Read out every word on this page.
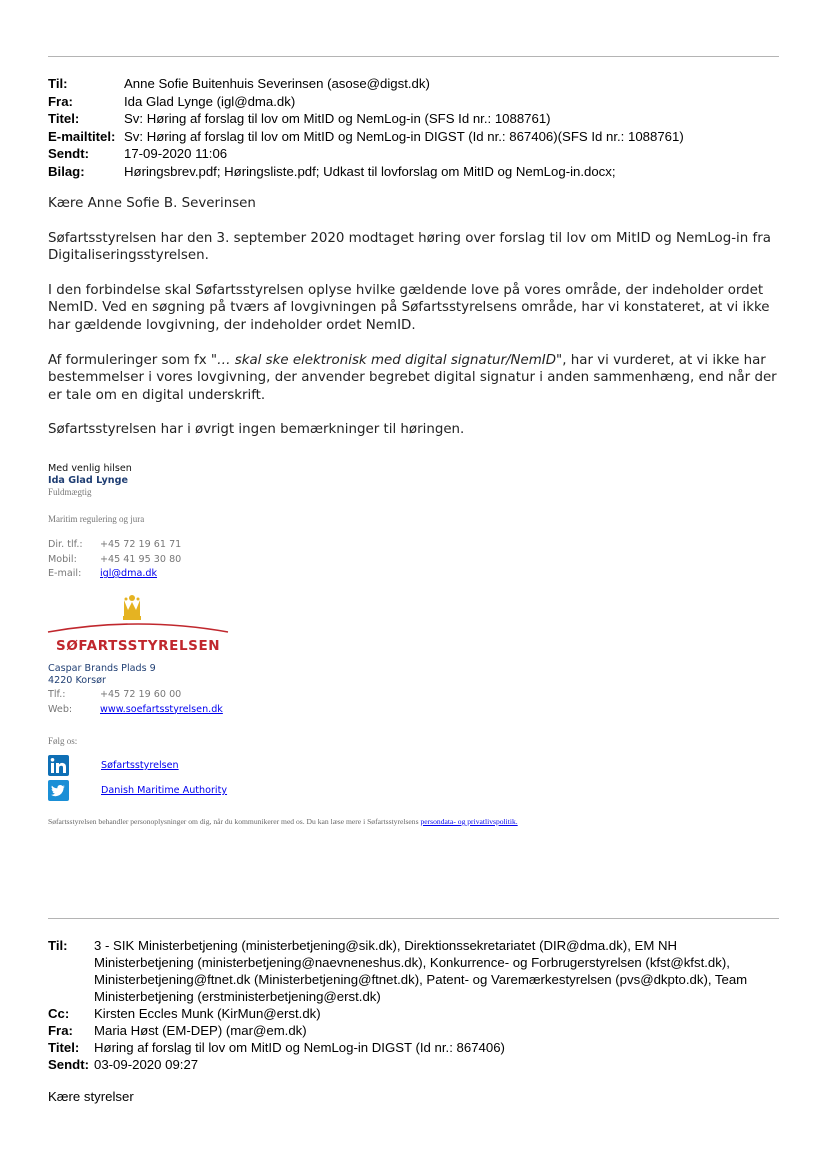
Til:	Anne Sofie Buitenhuis Severinsen (asose@digst.dk)
Fra:	Ida Glad Lynge (igl@dma.dk)
Titel:	Sv: Høring af forslag til lov om MitID og NemLog-in (SFS Id nr.: 1088761)
E-mailtitel: Sv: Høring af forslag til lov om MitID og NemLog-in DIGST (Id nr.: 867406)(SFS Id nr.: 1088761)
Sendt:	17-09-2020 11:06
Bilag:	Høringsbrev.pdf; Høringsliste.pdf; Udkast til lovforslag om MitID og NemLog-in.docx;

Kære Anne Sofie B. Severinsen

Søfartsstyrelsen har den 3. september 2020 modtaget høring over forslag til lov om MitID og NemLog-in fra Digitaliseringsstyrelsen.

I den forbindelse skal Søfartsstyrelsen oplyse hvilke gældende love på vores område, der indeholder ordet NemID. Ved en søgning på tværs af lovgivningen på Søfartsstyrelsens område, har vi konstateret, at vi ikke har gældende lovgivning, der indeholder ordet NemID.

Af formuleringer som fx "… skal ske elektronisk med digital signatur/NemID", har vi vurderet, at vi ikke har bestemmelser i vores lovgivning, der anvender begrebet digital signatur i anden sammenhæng, end når der er tale om en digital underskrift.

Søfartsstyrelsen har i øvrigt ingen bemærkninger til høringen.

Med venlig hilsen
Ida Glad Lynge
Fuldmægtig
Maritim regulering og jura
Dir. tlf.:	+45 72 19 61 71
Mobil:	+45 41 95 30 80
E-mail:	igl@dma.dk
SØFARTSSTYRELSEN
Caspar Brands Plads 9
4220 Korsør
Tlf.:	+45 72 19 60 00
Web:	www.soefartsstyrelsen.dk
Følg os:
Søfartsstyrelsen
Danish Maritime Authority
Søfartsstyrelsen behandler personoplysninger om dig, når du kommunikerer med os. Du kan læse mere i Søfartsstyrelsens persondata- og privatlivspolitik.
Til:	3 - SIK Ministerbetjening (ministerbetjening@sik.dk), Direktionssekretariatet (DIR@dma.dk), EM NH Ministerbetjening (ministerbetjening@naevneneshus.dk), Konkurrence- og Forbrugerstyrelsen (kfst@kfst.dk), Ministerbetjening@ftnet.dk (Ministerbetjening@ftnet.dk), Patent- og Varemærkestyrelsen (pvs@dkpto.dk), Team Ministerbetjening (erstministerbetjening@erst.dk)
Cc:	Kirsten Eccles Munk (KirMun@erst.dk)
Fra:	Maria Høst (EM-DEP) (mar@em.dk)
Titel:	Høring af forslag til lov om MitID og NemLog-in DIGST (Id nr.: 867406)
Sendt: 03-09-2020 09:27
Kære styrelser
